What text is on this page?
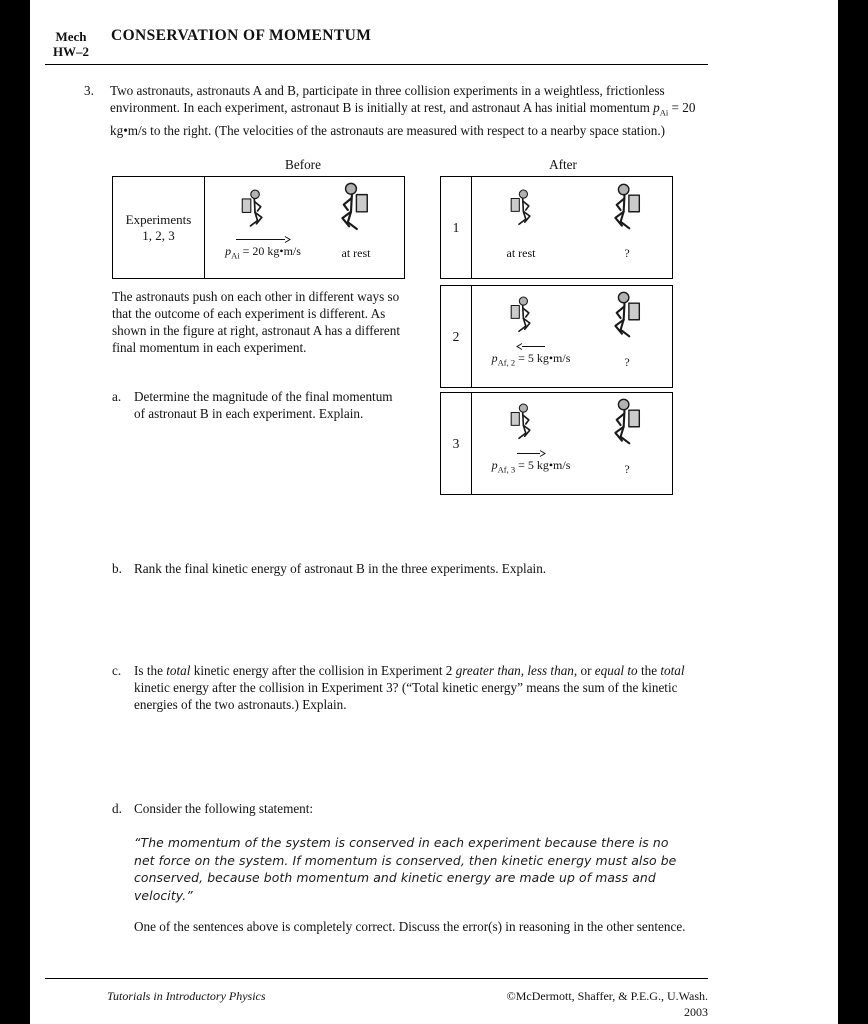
Mech
HW–2
CONSERVATION OF MOMENTUM
3. Two astronauts, astronauts A and B, participate in three collision experiments in a weightless, frictionless environment. In each experiment, astronaut B is initially at rest, and astronaut A has initial momentum $p_{Ai} = 20$ kg•m/s to the right. (The velocities of the astronauts are measured with respect to a nearby space station.)

Before	After
Experiments
1, 2, 3
$p_{Ai} = 20$ kg•m/s	at rest
1
at rest	?
2
$p_{Af, 2} = 5$ kg•m/s	?
3
$p_{Af, 3} = 5$ kg•m/s	?

The astronauts push on each other in different ways so that the outcome of each experiment is different. As shown in the figure at right, astronaut A has a different final momentum in each experiment.

a. Determine the magnitude of the final momentum of astronaut B in each experiment. Explain.

b. Rank the final kinetic energy of astronaut B in the three experiments. Explain.

c. Is the total kinetic energy after the collision in Experiment 2 greater than, less than, or equal to the total kinetic energy after the collision in Experiment 3? (“Total kinetic energy” means the sum of the kinetic energies of the two astronauts.) Explain.

d. Consider the following statement:

“The momentum of the system is conserved in each experiment because there is no net force on the system. If momentum is conserved, then kinetic energy must also be conserved, because both momentum and kinetic energy are made up of mass and velocity.”

One of the sentences above is completely correct. Discuss the error(s) in reasoning in the other sentence.

Tutorials in Introductory Physics	©McDermott, Shaffer, & P.E.G., U.Wash.
2003
